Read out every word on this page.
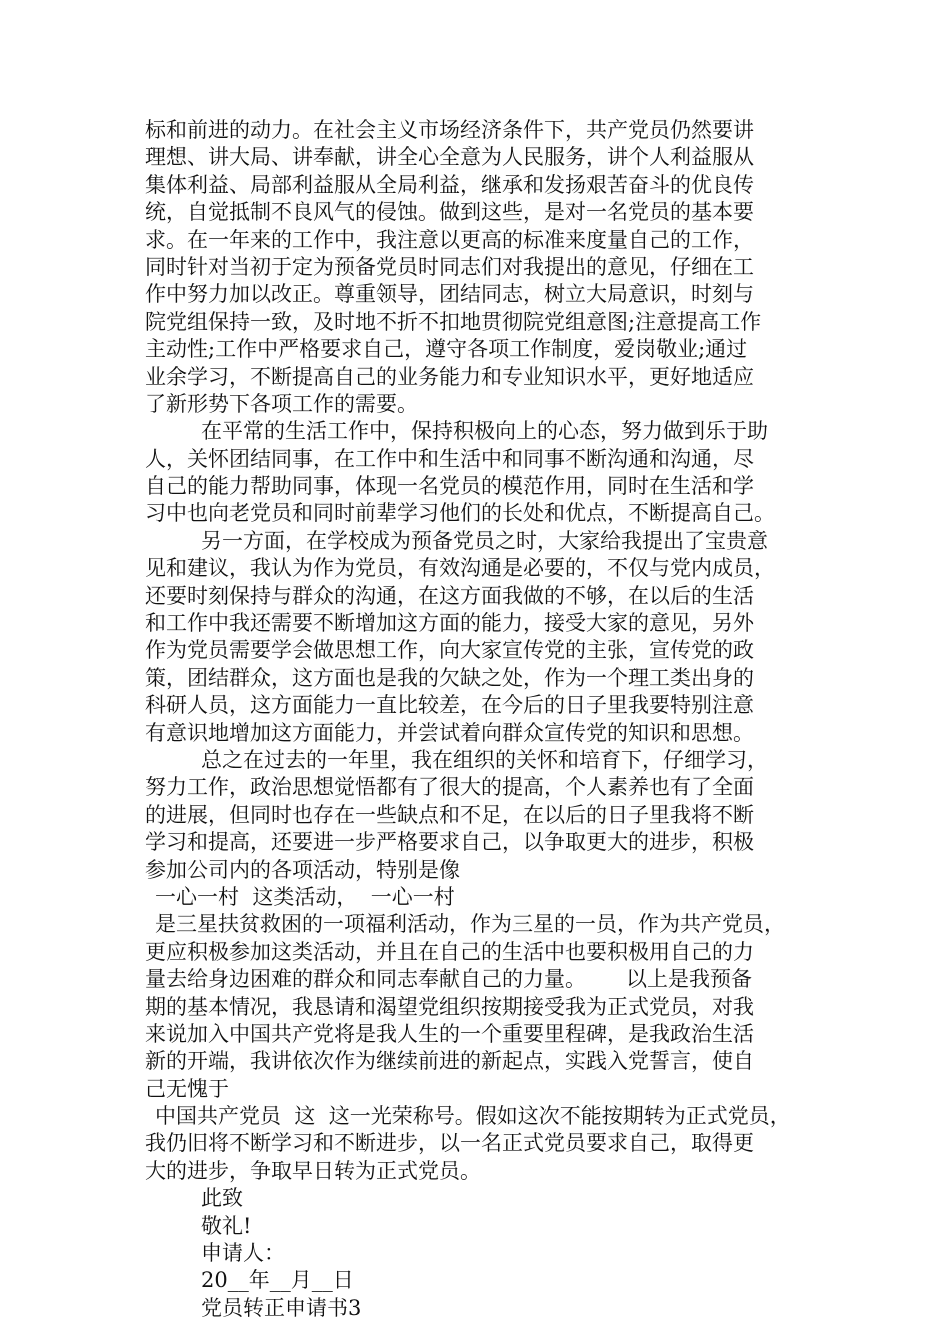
标和前进的动力。在社会主义市场经济条件下，共产党员仍然要讲
理想、讲大局、讲奉献，讲全心全意为人民服务，讲个人利益服从
集体利益、局部利益服从全局利益，继承和发扬艰苦奋斗的优良传
统，自觉抵制不良风气的侵蚀。做到这些，是对一名党员的基本要
求。在一年来的工作中，我注意以更高的标准来度量自己的工作，
同时针对当初于定为预备党员时同志们对我提出的意见，仔细在工
作中努力加以改正。尊重领导，团结同志，树立大局意识，时刻与
院党组保持一致，及时地不折不扣地贯彻院党组意图;注意提高工作
主动性;工作中严格要求自己，遵守各项工作制度，爱岗敬业;通过
业余学习，不断提高自己的业务能力和专业知识水平，更好地适应
了新形势下各项工作的需要。
在平常的生活工作中，保持积极向上的心态，努力做到乐于助
人，关怀团结同事，在工作中和生活中和同事不断沟通和沟通，尽
自己的能力帮助同事，体现一名党员的模范作用，同时在生活和学
习中也向老党员和同时前辈学习他们的长处和优点，不断提高自己。
另一方面，在学校成为预备党员之时，大家给我提出了宝贵意
见和建议，我认为作为党员，有效沟通是必要的，不仅与党内成员，
还要时刻保持与群众的沟通，在这方面我做的不够，在以后的生活
和工作中我还需要不断增加这方面的能力，接受大家的意见，另外
作为党员需要学会做思想工作，向大家宣传党的主张，宣传党的政
策，团结群众，这方面也是我的欠缺之处，作为一个理工类出身的
科研人员，这方面能力一直比较差，在今后的日子里我要特别注意
有意识地增加这方面能力，并尝试着向群众宣传党的知识和思想。
总之在过去的一年里，我在组织的关怀和培育下，仔细学习，
努力工作，政治思想觉悟都有了很大的提高，个人素养也有了全面
的进展，但同时也存在一些缺点和不足，在以后的日子里我将不断
学习和提高，还要进一步严格要求自己，以争取更大的进步，积极
参加公司内的各项活动，特别是像
一心一村  这类活动，  一心一村
是三星扶贫救困的一项福利活动，作为三星的一员，作为共产党员，
更应积极参加这类活动，并且在自己的生活中也要积极用自己的力
量去给身边困难的群众和同志奉献自己的力量。      以上是我预备
期的基本情况，我恳请和渴望党组织按期接受我为正式党员，对我
来说加入中国共产党将是我人生的一个重要里程碑，是我政治生活
新的开端，我讲依次作为继续前进的新起点，实践入党誓言，使自
己无愧于
中国共产党员  这  这一光荣称号。假如这次不能按期转为正式党员，
我仍旧将不断学习和不断进步，以一名正式党员要求自己，取得更
大的进步，争取早日转为正式党员。
此致
敬礼!
申请人：
20__年__月__日
党员转正申请书3
